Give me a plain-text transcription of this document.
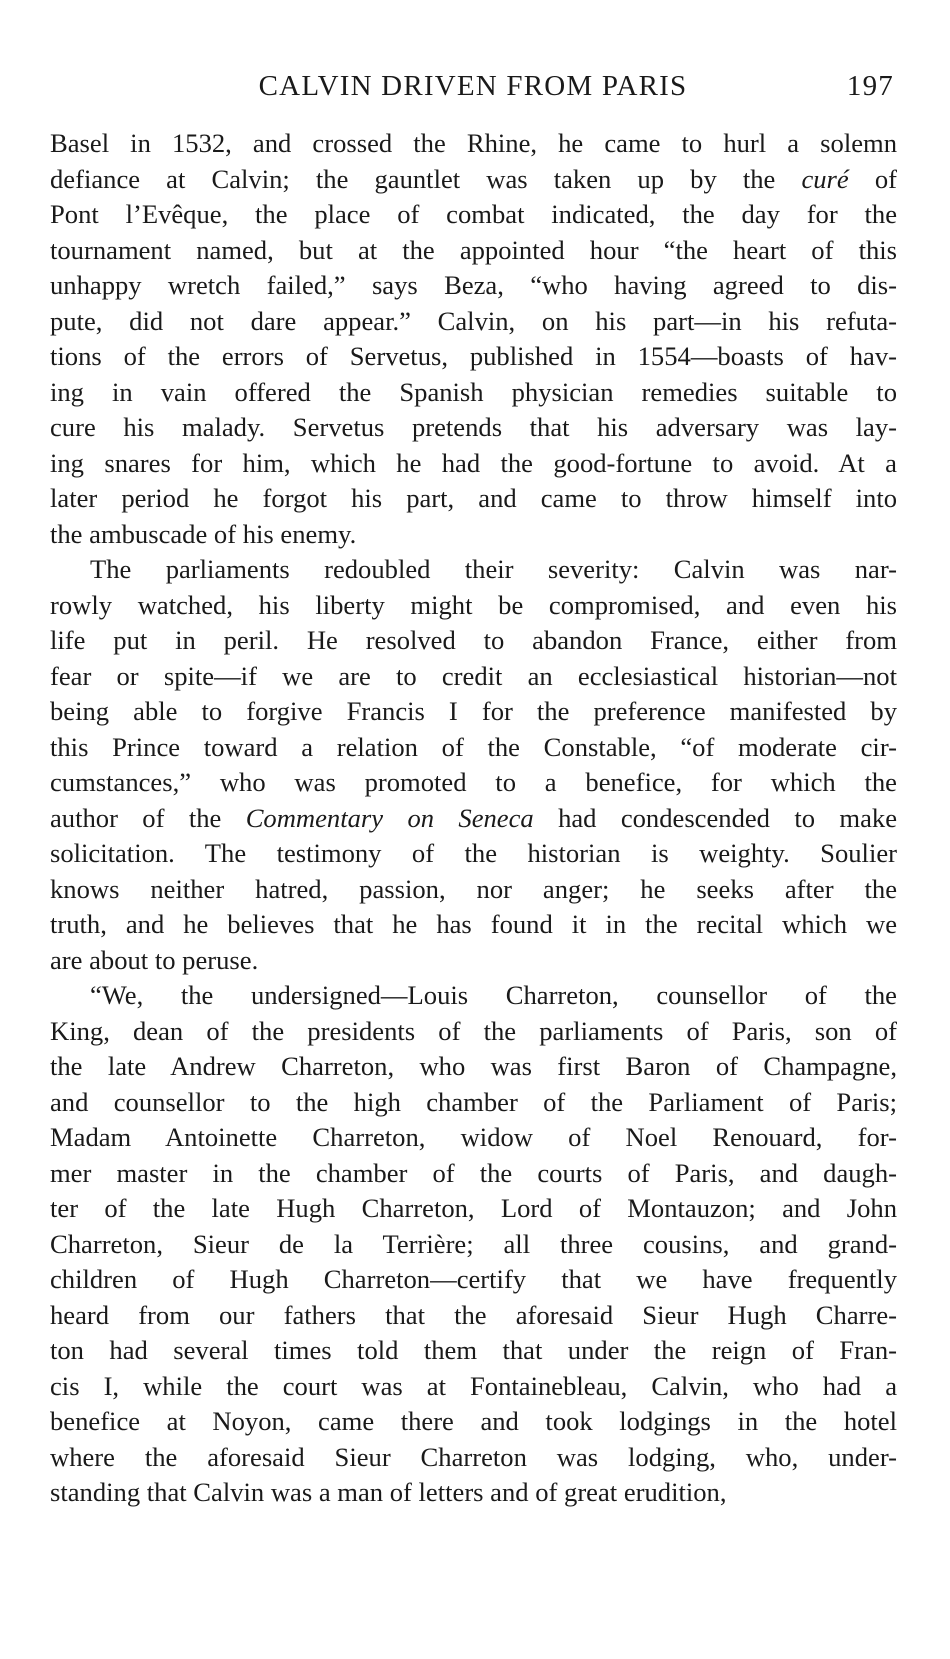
CALVIN DRIVEN FROM PARIS	197
Basel in 1532, and crossed the Rhine, he came to hurl a solemn
defiance at Calvin; the gauntlet was taken up by the curé of
Pont l’Evêque, the place of combat indicated, the day for the
tournament named, but at the appointed hour “the heart of this
unhappy wretch failed,” says Beza, “who having agreed to dis-
pute, did not dare appear.” Calvin, on his part—in his refuta-
tions of the errors of Servetus, published in 1554—boasts of hav-
ing in vain offered the Spanish physician remedies suitable to
cure his malady. Servetus pretends that his adversary was lay-
ing snares for him, which he had the good-fortune to avoid. At a
later period he forgot his part, and came to throw himself into
the ambuscade of his enemy.
The parliaments redoubled their severity: Calvin was nar-
rowly watched, his liberty might be compromised, and even his
life put in peril. He resolved to abandon France, either from
fear or spite—if we are to credit an ecclesiastical historian—not
being able to forgive Francis I for the preference manifested by
this Prince toward a relation of the Constable, “of moderate cir-
cumstances,” who was promoted to a benefice, for which the
author of the Commentary on Seneca had condescended to make
solicitation. The testimony of the historian is weighty. Soulier
knows neither hatred, passion, nor anger; he seeks after the
truth, and he believes that he has found it in the recital which we
are about to peruse.
“We, the undersigned—Louis Charreton, counsellor of the
King, dean of the presidents of the parliaments of Paris, son of
the late Andrew Charreton, who was first Baron of Champagne,
and counsellor to the high chamber of the Parliament of Paris;
Madam Antoinette Charreton, widow of Noel Renouard, for-
mer master in the chamber of the courts of Paris, and daugh-
ter of the late Hugh Charreton, Lord of Montauzon; and John
Charreton, Sieur de la Terrière; all three cousins, and grand-
children of Hugh Charreton—certify that we have frequently
heard from our fathers that the aforesaid Sieur Hugh Charre-
ton had several times told them that under the reign of Fran-
cis I, while the court was at Fontainebleau, Calvin, who had a
benefice at Noyon, came there and took lodgings in the hotel
where the aforesaid Sieur Charreton was lodging, who, under-
standing that Calvin was a man of letters and of great erudition,
